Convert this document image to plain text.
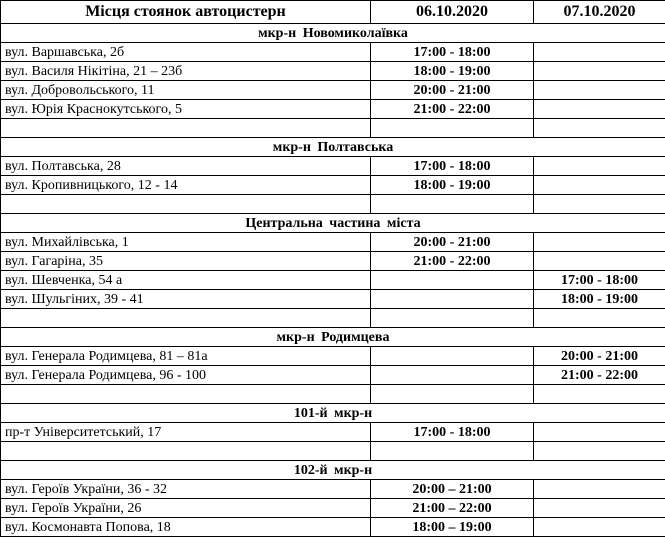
Місця стоянок автоцистерн	06.10.2020	07.10.2020
мкр-н Новомиколаївка		
вул. Варшавська, 2б	17:00 - 18:00	
вул. Василя Нікітіна, 21 – 23б	18:00 - 19:00	
вул. Добровольського, 11	20:00 - 21:00	
вул. Юрія Краснокутського, 5	21:00 - 22:00	

мкр-н Полтавська		
вул. Полтавська, 28	17:00 - 18:00	
вул. Кропивницького, 12 - 14	18:00 - 19:00	

Центральна частина міста		
вул. Михайлівська, 1	20:00 - 21:00	
вул. Гагаріна, 35	21:00 - 22:00	
вул. Шевченка, 54 а		17:00 - 18:00
вул. Шульгіних, 39 - 41		18:00 - 19:00

мкр-н Родимцева		
вул. Генерала Родимцева, 81 – 81а		20:00 - 21:00
вул. Генерала Родимцева, 96 - 100		21:00 - 22:00

101-й мкр-н		
пр-т Університетський, 17	17:00 - 18:00	

102-й мкр-н		
вул. Героїв України, 36 - 32	20:00 – 21:00	
вул. Героїв України, 26	21:00 – 22:00	
вул. Космонавта Попова, 18	18:00 – 19:00	
